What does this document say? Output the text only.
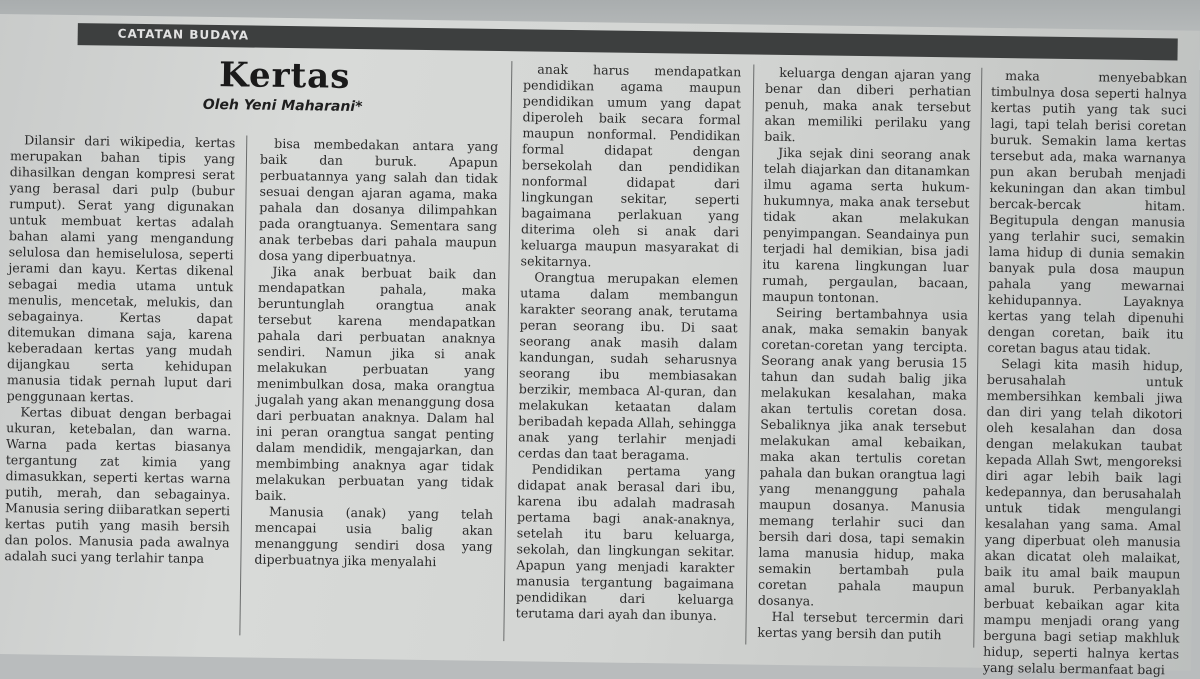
CATATAN BUDAYA
Kertas
Oleh Yeni Maharani*

Dilansir dari wikipedia, kertas merupakan bahan tipis yang dihasilkan dengan kompresi serat yang berasal dari pulp (bubur rumput). Serat yang digunakan untuk membuat kertas adalah bahan alami yang mengandung selulosa dan hemiselulosa, seperti jerami dan kayu. Kertas dikenal sebagai media utama untuk menulis, mencetak, melukis, dan sebagainya. Kertas dapat ditemukan dimana saja, karena keberadaan kertas yang mudah dijangkau serta kehidupan manusia tidak pernah luput dari penggunaan kertas.

Kertas dibuat dengan berbagai ukuran, ketebalan, dan warna. Warna pada kertas biasanya tergantung zat kimia yang dimasukkan, seperti kertas warna putih, merah, dan sebagainya. Manusia sering diibaratkan seperti kertas putih yang masih bersih dan polos. Manusia pada awalnya adalah suci yang terlahir tanpa

bisa membedakan antara yang baik dan buruk. Apapun perbuatannya yang salah dan tidak sesuai dengan ajaran agama, maka pahala dan dosanya dilimpahkan pada orangtuanya. Sementara sang anak terbebas dari pahala maupun dosa yang diperbuatnya.

Jika anak berbuat baik dan mendapatkan pahala, maka beruntunglah orangtua anak tersebut karena mendapatkan pahala dari perbuatan anaknya sendiri. Namun jika si anak melakukan perbuatan yang menimbulkan dosa, maka orangtua jugalah yang akan menanggung dosa dari perbuatan anaknya. Dalam hal ini peran orangtua sangat penting dalam mendidik, mengajarkan, dan membimbing anaknya agar tidak melakukan perbuatan yang tidak baik.

Manusia (anak) yang telah mencapai usia balig akan menanggung sendiri dosa yang diperbuatnya jika menyalahi

anak harus mendapatkan pendidikan agama maupun pendidikan umum yang dapat diperoleh baik secara formal maupun nonformal. Pendidikan formal didapat dengan bersekolah dan pendidikan nonformal didapat dari lingkungan sekitar, seperti bagaimana perlakuan yang diterima oleh si anak dari keluarga maupun masyarakat di sekitarnya.

Orangtua merupakan elemen utama dalam membangun karakter seorang anak, terutama peran seorang ibu. Di saat seorang anak masih dalam kandungan, sudah seharusnya seorang ibu membiasakan berzikir, membaca Al-quran, dan melakukan ketaatan dalam beribadah kepada Allah, sehingga anak yang terlahir menjadi cerdas dan taat beragama.

Pendidikan pertama yang didapat anak berasal dari ibu, karena ibu adalah madrasah pertama bagi anak-anaknya, setelah itu baru keluarga, sekolah, dan lingkungan sekitar. Apapun yang menjadi karakter manusia tergantung bagaimana pendidikan dari keluarga terutama dari ayah dan ibunya.

keluarga dengan ajaran yang benar dan diberi perhatian penuh, maka anak tersebut akan memiliki perilaku yang baik.

Jika sejak dini seorang anak telah diajarkan dan ditanamkan ilmu agama serta hukum-hukumnya, maka anak tersebut tidak akan melakukan penyimpangan. Seandainya pun terjadi hal demikian, bisa jadi itu karena lingkungan luar rumah, pergaulan, bacaan, maupun tontonan.

Seiring bertambahnya usia anak, maka semakin banyak coretan-coretan yang tercipta. Seorang anak yang berusia 15 tahun dan sudah balig jika melakukan kesalahan, maka akan tertulis coretan dosa. Sebaliknya jika anak tersebut melakukan amal kebaikan, maka akan tertulis coretan pahala dan bukan orangtua lagi yang menanggung pahala maupun dosanya. Manusia memang terlahir suci dan bersih dari dosa, tapi semakin lama manusia hidup, maka semakin bertambah pula coretan pahala maupun dosanya.

Hal tersebut tercermin dari kertas yang bersih dan putih

maka menyebabkan timbulnya dosa seperti halnya kertas putih yang tak suci lagi, tapi telah berisi coretan buruk. Semakin lama kertas tersebut ada, maka warnanya pun akan berubah menjadi kekuningan dan akan timbul bercak-bercak hitam. Begitupula dengan manusia yang terlahir suci, semakin lama hidup di dunia semakin banyak pula dosa maupun pahala yang mewarnai kehidupannya. Layaknya kertas yang telah dipenuhi dengan coretan, baik itu coretan bagus atau tidak.

Selagi kita masih hidup, berusahalah untuk membersihkan kembali jiwa dan diri yang telah dikotori oleh kesalahan dan dosa dengan melakukan taubat kepada Allah Swt, mengoreksi diri agar lebih baik lagi kedepannya, dan berusahalah untuk tidak mengulangi kesalahan yang sama. Amal yang diperbuat oleh manusia akan dicatat oleh malaikat, baik itu amal baik maupun amal buruk. Perbanyaklah berbuat kebaikan agar kita mampu menjadi orang yang berguna bagi setiap makhluk hidup, seperti halnya kertas yang selalu bermanfaat bagi
